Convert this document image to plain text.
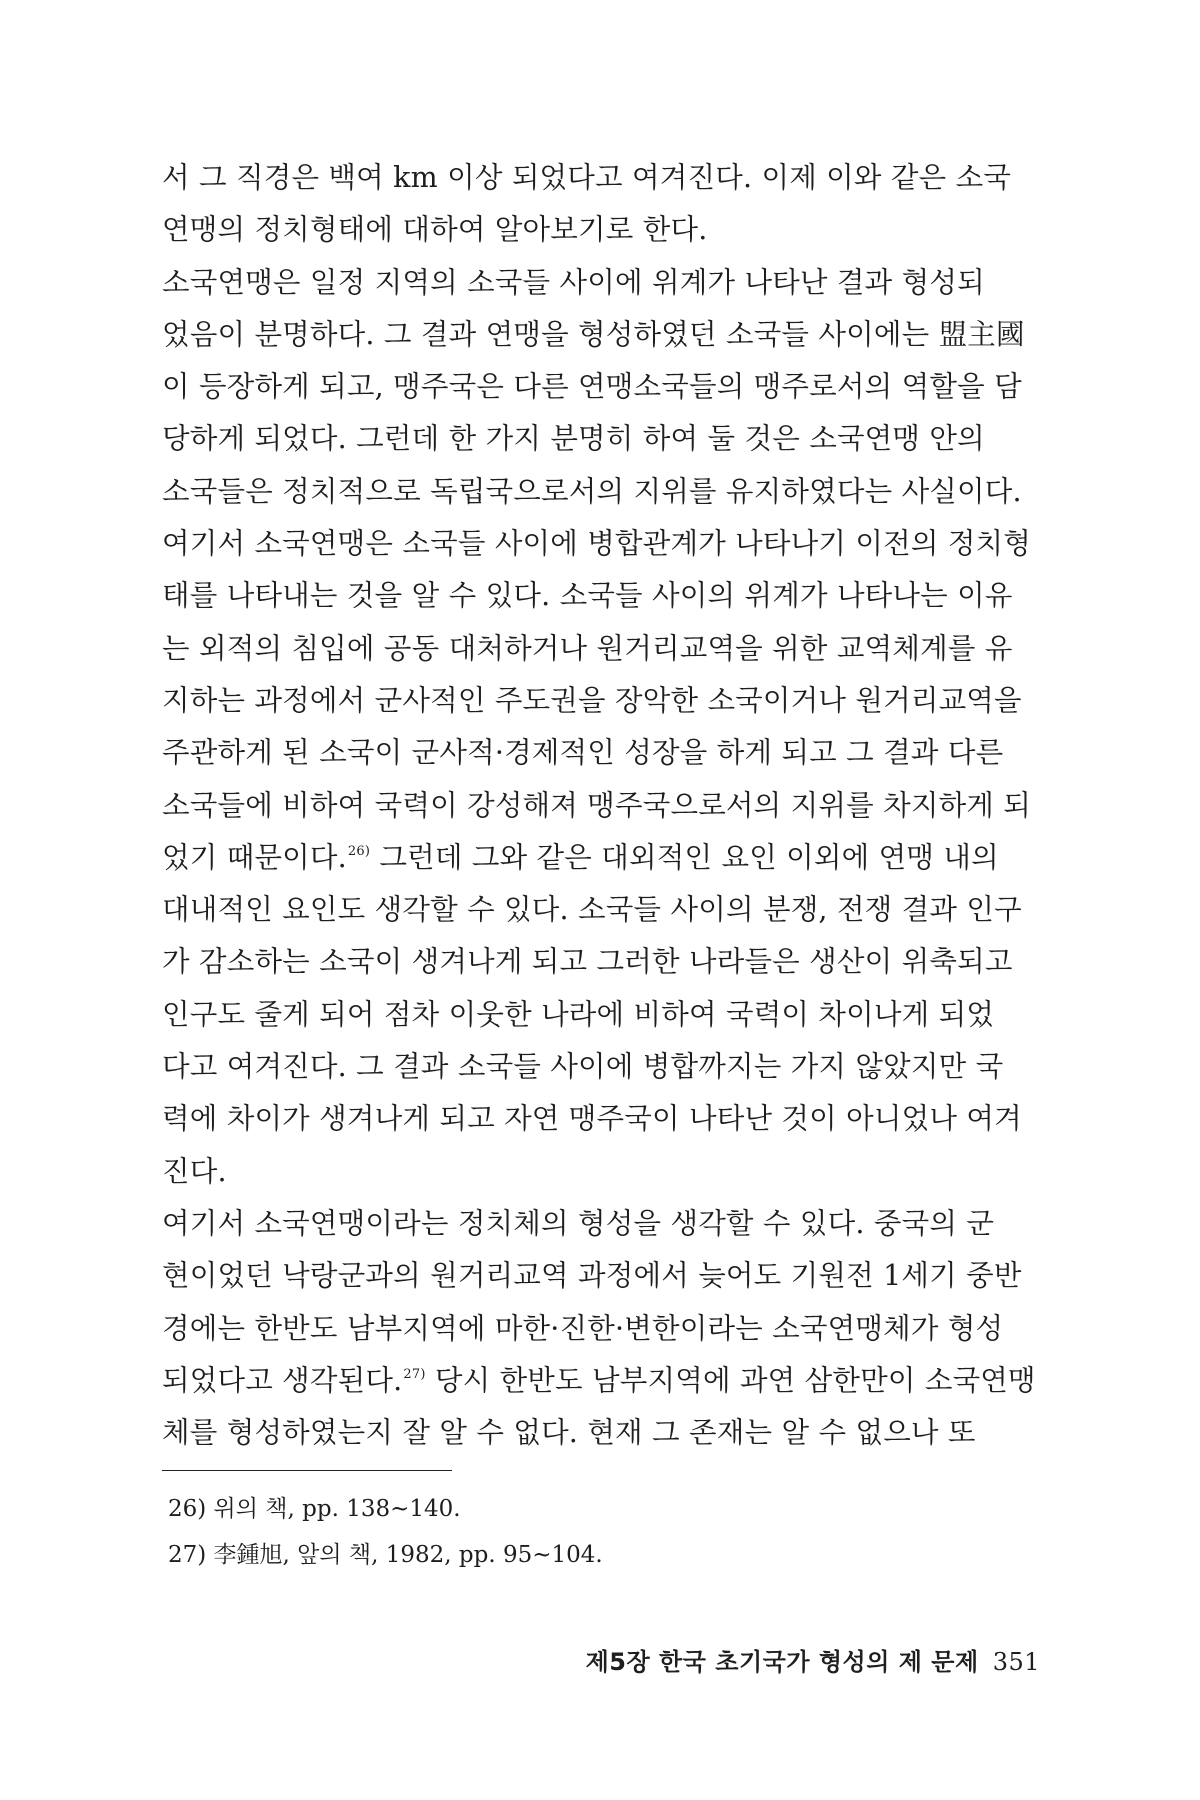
서 그 직경은 백여 km 이상 되었다고 여겨진다. 이제 이와 같은 소국
연맹의 정치형태에 대하여 알아보기로 한다.
소국연맹은 일정 지역의 소국들 사이에 위계가 나타난 결과 형성되
었음이 분명하다. 그 결과 연맹을 형성하였던 소국들 사이에는 盟主國
이 등장하게 되고, 맹주국은 다른 연맹소국들의 맹주로서의 역할을 담
당하게 되었다. 그런데 한 가지 분명히 하여 둘 것은 소국연맹 안의
소국들은 정치적으로 독립국으로서의 지위를 유지하였다는 사실이다.
여기서 소국연맹은 소국들 사이에 병합관계가 나타나기 이전의 정치형
태를 나타내는 것을 알 수 있다. 소국들 사이의 위계가 나타나는 이유
는 외적의 침입에 공동 대처하거나 원거리교역을 위한 교역체계를 유
지하는 과정에서 군사적인 주도권을 장악한 소국이거나 원거리교역을
주관하게 된 소국이 군사적·경제적인 성장을 하게 되고 그 결과 다른
소국들에 비하여 국력이 강성해져 맹주국으로서의 지위를 차지하게 되
었기 때문이다.$^{26)}$ 그런데 그와 같은 대외적인 요인 이외에 연맹 내의
대내적인 요인도 생각할 수 있다. 소국들 사이의 분쟁, 전쟁 결과 인구
가 감소하는 소국이 생겨나게 되고 그러한 나라들은 생산이 위축되고
인구도 줄게 되어 점차 이웃한 나라에 비하여 국력이 차이나게 되었
다고 여겨진다. 그 결과 소국들 사이에 병합까지는 가지 않았지만 국
력에 차이가 생겨나게 되고 자연 맹주국이 나타난 것이 아니었나 여겨
진다.
여기서 소국연맹이라는 정치체의 형성을 생각할 수 있다. 중국의 군
현이었던 낙랑군과의 원거리교역 과정에서 늦어도 기원전 1세기 중반
경에는 한반도 남부지역에 마한·진한·변한이라는 소국연맹체가 형성
되었다고 생각된다.$^{27)}$ 당시 한반도 남부지역에 과연 삼한만이 소국연맹
체를 형성하였는지 잘 알 수 없다. 현재 그 존재는 알 수 없으나 또
26) 위의 책, pp. 138~140.
27) 李鍾旭, 앞의 책, 1982, pp. 95~104.
제5장 한국 초기국가 형성의 제 문제 351
